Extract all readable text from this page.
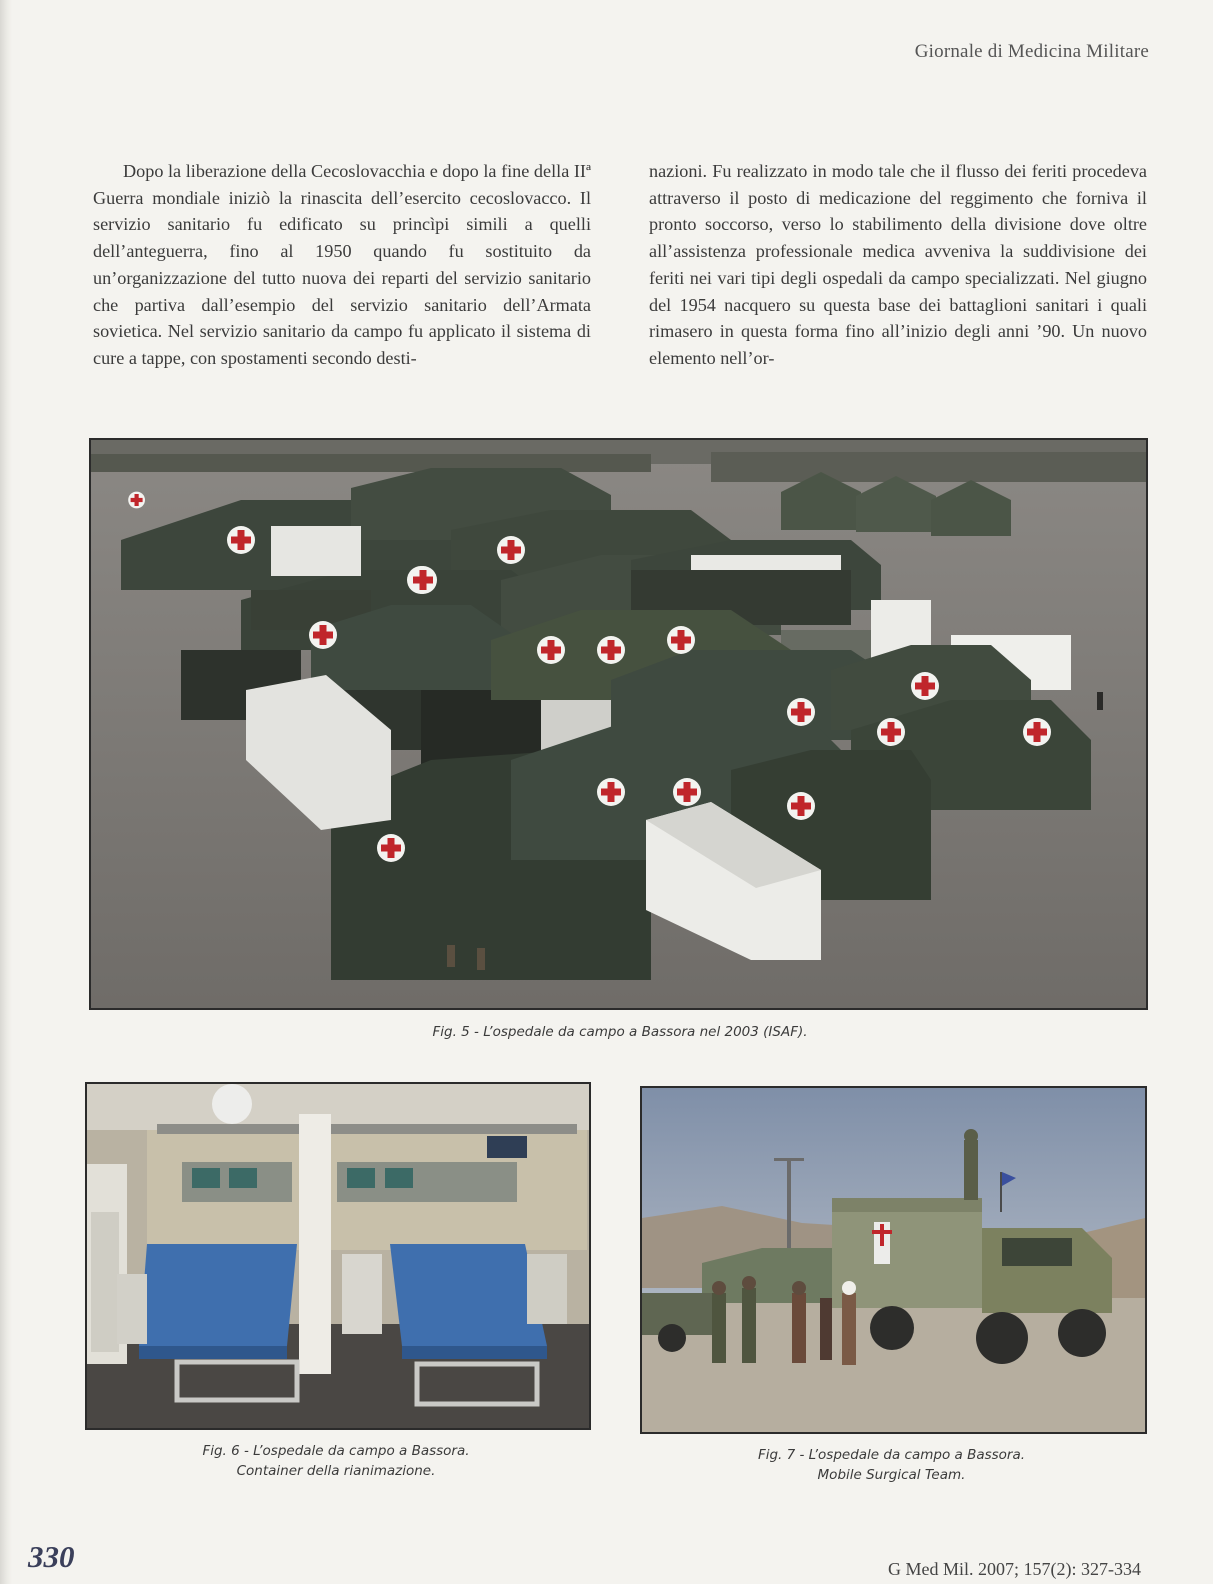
Giornale di Medicina Militare

Dopo la liberazione della Cecoslovacchia e dopo la fine della IIª Guerra mondiale iniziò la rinascita dell’esercito cecoslovacco. Il servizio sanitario fu edificato su princìpi simili a quelli dell’anteguerra, fino al 1950 quando fu sostituito da un’organizzazione del tutto nuova dei reparti del servizio sanitario che partiva dall’esempio del servizio sanitario dell’Armata sovietica. Nel servizio sanitario da campo fu applicato il sistema di cure a tappe, con spostamenti secondo desti-

nazioni. Fu realizzato in modo tale che il flusso dei feriti procedeva attraverso il posto di medicazione del reggimento che forniva il pronto soccorso, verso lo stabilimento della divisione dove oltre all’assistenza professionale medica avveniva la suddivisione dei feriti nei vari tipi degli ospedali da campo specializzati. Nel giugno del 1954 nacquero su questa base dei battaglioni sanitari i quali rimasero in questa forma fino all’inizio degli anni ’90. Un nuovo elemento nell’or-

Fig. 5 - L’ospedale da campo a Bassora nel 2003 (ISAF).
Fig. 6 - L’ospedale da campo a Bassora.
Container della rianimazione.
Fig. 7 - L’ospedale da campo a Bassora.
Mobile Surgical Team.
330	G Med Mil. 2007; 157(2): 327-334
